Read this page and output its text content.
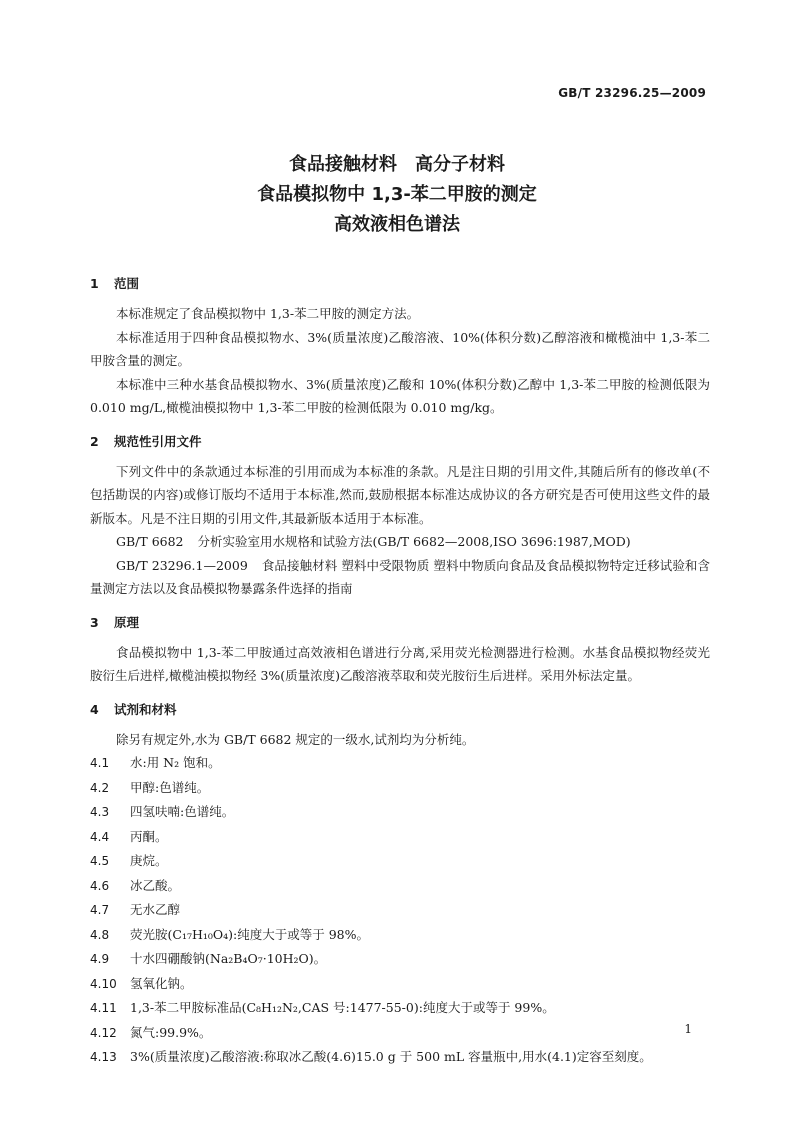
GB/T 23296.25—2009
食品接触材料 高分子材料
食品模拟物中 1,3-苯二甲胺的测定
高效液相色谱法
1 范围
本标准规定了食品模拟物中 1,3-苯二甲胺的测定方法。
本标准适用于四种食品模拟物水、3%(质量浓度)乙酸溶液、10%(体积分数)乙醇溶液和橄榄油中 1,3-苯二甲胺含量的测定。
本标准中三种水基食品模拟物水、3%(质量浓度)乙酸和 10%(体积分数)乙醇中 1,3-苯二甲胺的检测低限为 0.010 mg/L,橄榄油模拟物中 1,3-苯二甲胺的检测低限为 0.010 mg/kg。
2 规范性引用文件
下列文件中的条款通过本标准的引用而成为本标准的条款。凡是注日期的引用文件,其随后所有的修改单(不包括勘误的内容)或修订版均不适用于本标准,然而,鼓励根据本标准达成协议的各方研究是否可使用这些文件的最新版本。凡是不注日期的引用文件,其最新版本适用于本标准。
GB/T 6682 分析实验室用水规格和试验方法(GB/T 6682—2008,ISO 3696:1987,MOD)
GB/T 23296.1—2009 食品接触材料 塑料中受限物质 塑料中物质向食品及食品模拟物特定迁移试验和含量测定方法以及食品模拟物暴露条件选择的指南
3 原理
食品模拟物中 1,3-苯二甲胺通过高效液相色谱进行分离,采用荧光检测器进行检测。水基食品模拟物经荧光胺衍生后进样,橄榄油模拟物经 3%(质量浓度)乙酸溶液萃取和荧光胺衍生后进样。采用外标法定量。
4 试剂和材料
除另有规定外,水为 GB/T 6682 规定的一级水,试剂均为分析纯。
4.1 水:用 N₂ 饱和。
4.2 甲醇:色谱纯。
4.3 四氢呋喃:色谱纯。
4.4 丙酮。
4.5 庚烷。
4.6 冰乙酸。
4.7 无水乙醇
4.8 荧光胺(C₁₇H₁₀O₄):纯度大于或等于 98%。
4.9 十水四硼酸钠(Na₂B₄O₇·10H₂O)。
4.10 氢氧化钠。
4.11 1,3-苯二甲胺标准品(C₈H₁₂N₂,CAS 号:1477-55-0):纯度大于或等于 99%。
4.12 氮气:99.9%。
4.13 3%(质量浓度)乙酸溶液:称取冰乙酸(4.6)15.0 g 于 500 mL 容量瓶中,用水(4.1)定容至刻度。
1
